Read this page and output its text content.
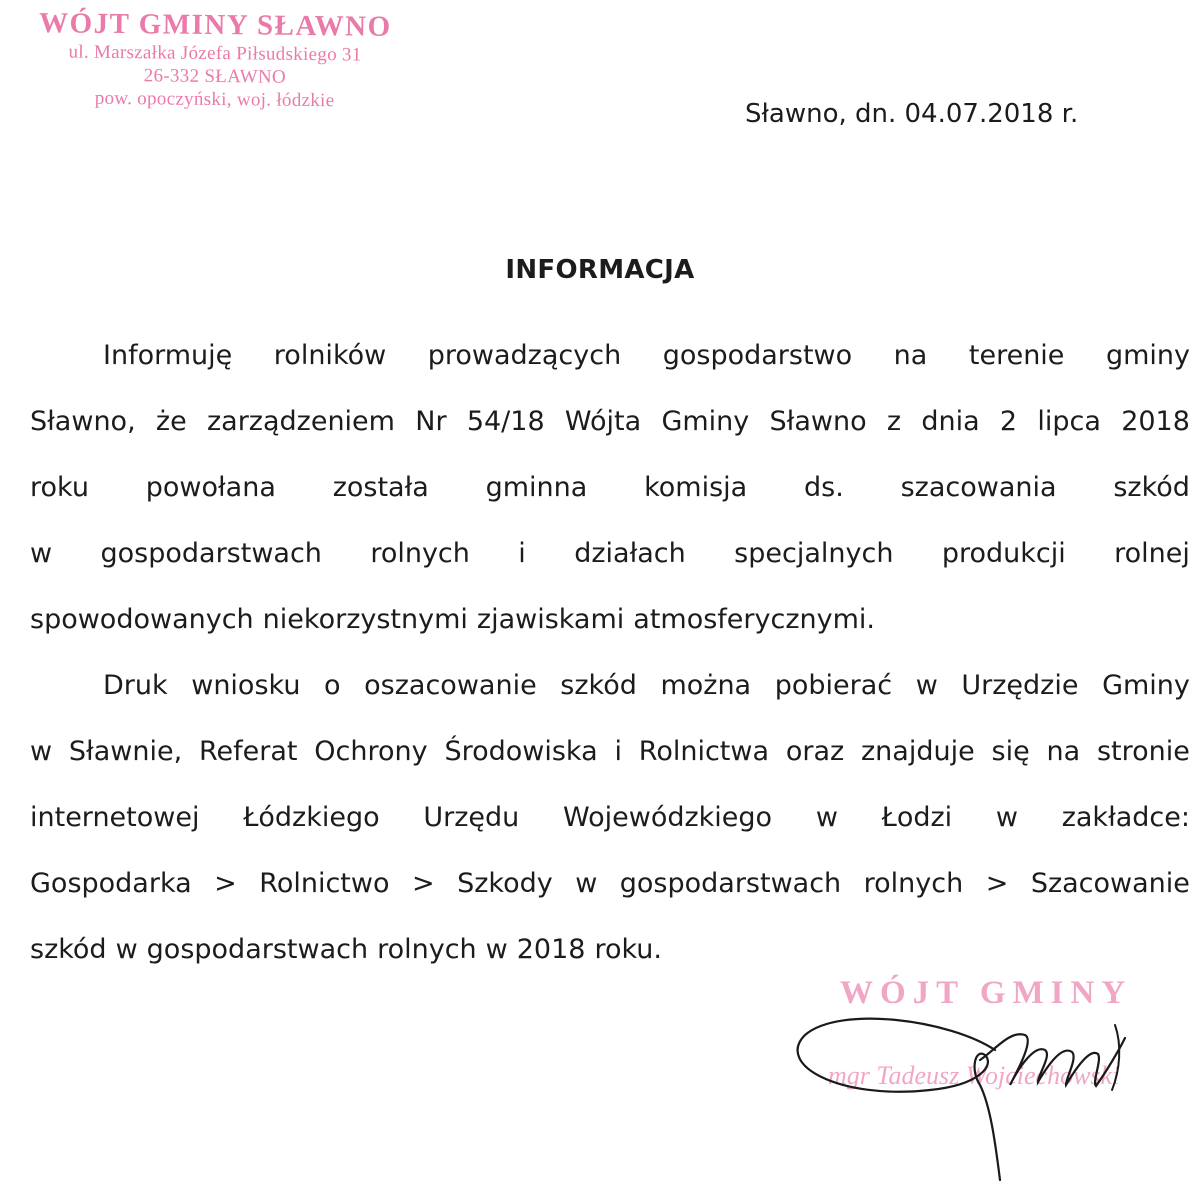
WÓJT GMINY SŁAWNO
ul. Marszałka Józefa Piłsudskiego 31
26-332 SŁAWNO
pow. opoczyński, woj. łódzkie	Sławno, dn. 04.07.2018 r.
INFORMACJA
Informuję rolników prowadzących gospodarstwo na terenie gminy
Sławno, że zarządzeniem Nr 54/18 Wójta Gminy Sławno z dnia 2 lipca 2018
roku powołana została gminna komisja ds. szacowania szkód
w gospodarstwach rolnych i działach specjalnych produkcji rolnej
spowodowanych niekorzystnymi zjawiskami atmosferycznymi.
Druk wniosku o oszacowanie szkód można pobierać w Urzędzie Gminy
w Sławnie, Referat Ochrony Środowiska i Rolnictwa oraz znajduje się na stronie
internetowej Łódzkiego Urzędu Wojewódzkiego w Łodzi w zakładce:
Gospodarka > Rolnictwo > Szkody w gospodarstwach rolnych > Szacowanie
szkód w gospodarstwach rolnych w 2018 roku.
WÓJT GMINY
mgr Tadeusz Wojciechowski
